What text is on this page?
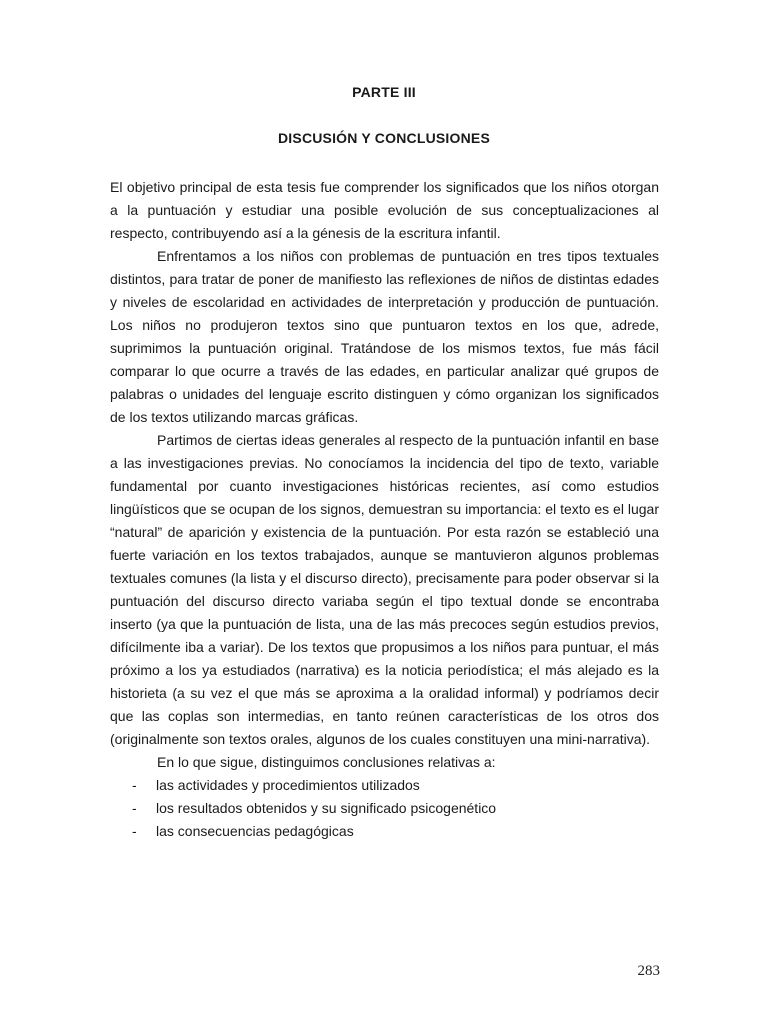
PARTE III
DISCUSIÓN Y CONCLUSIONES

El objetivo principal de esta tesis fue comprender los significados que los niños otorgan a la puntuación y estudiar una posible evolución de sus conceptualizaciones al respecto, contribuyendo así a la génesis de la escritura infantil.

Enfrentamos a los niños con problemas de puntuación en tres tipos textuales distintos, para tratar de poner de manifiesto las reflexiones de niños de distintas edades y niveles de escolaridad en actividades de interpretación y producción de puntuación. Los niños no produjeron textos sino que puntuaron textos en los que, adrede, suprimimos la puntuación original. Tratándose de los mismos textos, fue más fácil comparar lo que ocurre a través de las edades, en particular analizar qué grupos de palabras o unidades del lenguaje escrito distinguen y cómo organizan los significados de los textos utilizando marcas gráficas.

Partimos de ciertas ideas generales al respecto de la puntuación infantil en base a las investigaciones previas. No conocíamos la incidencia del tipo de texto, variable fundamental por cuanto investigaciones históricas recientes, así como estudios lingüísticos que se ocupan de los signos, demuestran su importancia: el texto es el lugar “natural” de aparición y existencia de la puntuación. Por esta razón se estableció una fuerte variación en los textos trabajados, aunque se mantuvieron algunos problemas textuales comunes (la lista y el discurso directo), precisamente para poder observar si la puntuación del discurso directo variaba según el tipo textual donde se encontraba inserto (ya que la puntuación de lista, una de las más precoces según estudios previos, difícilmente iba a variar). De los textos que propusimos a los niños para puntuar, el más próximo a los ya estudiados (narrativa) es la noticia periodística; el más alejado es la historieta (a su vez el que más se aproxima a la oralidad informal) y podríamos decir que las coplas son intermedias, en tanto reúnen características de los otros dos (originalmente son textos orales, algunos de los cuales constituyen una mini-narrativa).

En lo que sigue, distinguimos conclusiones relativas a:

- las actividades y procedimientos utilizados
- los resultados obtenidos y su significado psicogenético
- las consecuencias pedagógicas
283
